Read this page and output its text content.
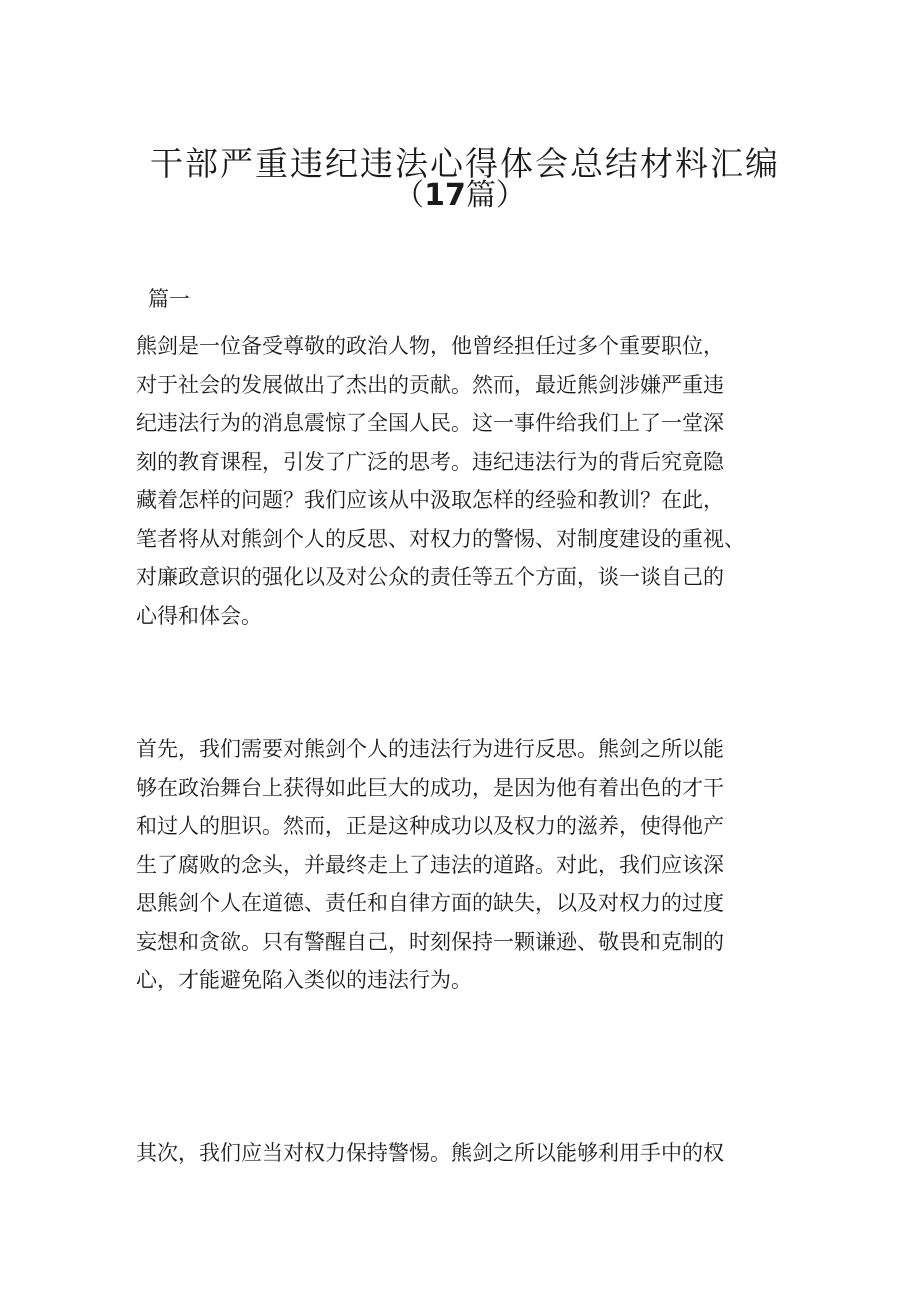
干部严重违纪违法心得体会总结材料汇编
（17篇）
篇一
熊剑是一位备受尊敬的政治人物，他曾经担任过多个重要职位，
对于社会的发展做出了杰出的贡献。然而，最近熊剑涉嫌严重违
纪违法行为的消息震惊了全国人民。这一事件给我们上了一堂深
刻的教育课程，引发了广泛的思考。违纪违法行为的背后究竟隐
藏着怎样的问题？我们应该从中汲取怎样的经验和教训？在此，
笔者将从对熊剑个人的反思、对权力的警惕、对制度建设的重视、
对廉政意识的强化以及对公众的责任等五个方面，谈一谈自己的
心得和体会。
首先，我们需要对熊剑个人的违法行为进行反思。熊剑之所以能
够在政治舞台上获得如此巨大的成功，是因为他有着出色的才干
和过人的胆识。然而，正是这种成功以及权力的滋养，使得他产
生了腐败的念头，并最终走上了违法的道路。对此，我们应该深
思熊剑个人在道德、责任和自律方面的缺失，以及对权力的过度
妄想和贪欲。只有警醒自己，时刻保持一颗谦逊、敬畏和克制的
心，才能避免陷入类似的违法行为。
其次，我们应当对权力保持警惕。熊剑之所以能够利用手中的权
